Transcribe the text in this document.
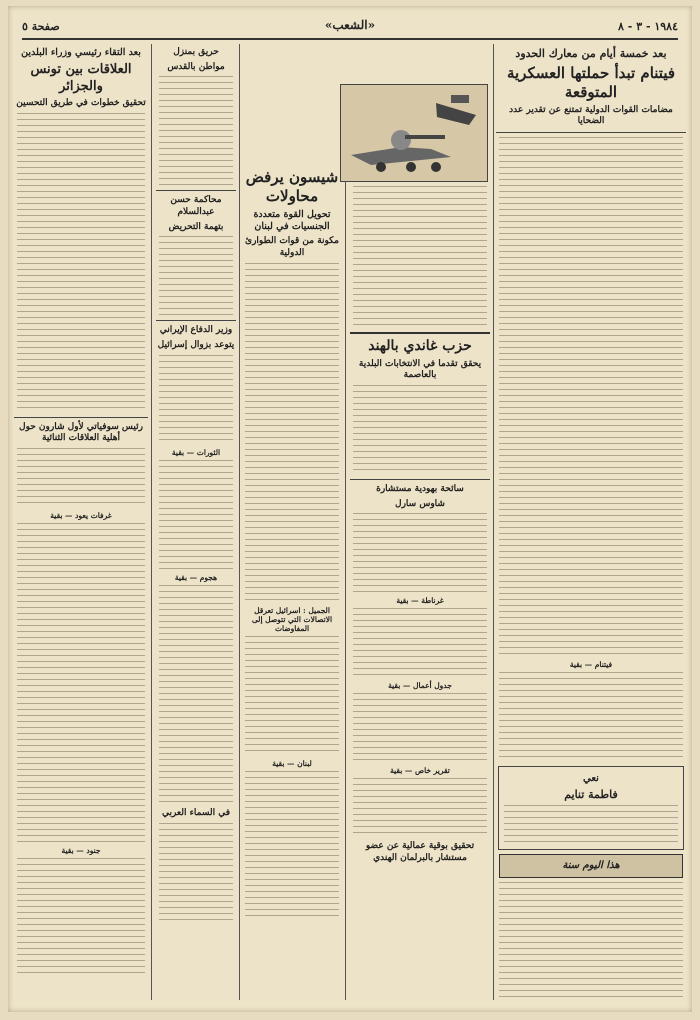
١٩٨٤ - ٣ - ٨
«الشعب»
صفحة ٥
بعد خمسة أيام من معارك الحدود
فيتنام تبدأ حملتها العسكرية المتوقعة
مضامات القوات الدولية تمتنع عن تقدير عدد الضحايا
فيتنام — بقية
نعي
فاطمة تنايم
هذا اليوم سنة
حزب غاندي بالهند
يحقق تقدما في الانتخابات البلدية بالعاصمة
سائحة بهودية مستشارة
شاوس سارل
غرناطة — بقية
جدول أعمال — بقية
تقرير خاص — بقية
تحقيق بوقية عمالية عن عضو مستشار بالبرلمان الهندي
شيسون يرفض محاولات
تحويل القوة متعددة الجنسيات في لبنان
مكونة من قوات الطوارئ الدولية
الجميل : اسرائيل تعرقل الاتصالات التي تتوصل إلى المفاوضات
لبنان — بقية
حريق بمنزل
مواطن بالقدس
محاكمة حسن عبدالسلام
بتهمة التحريض
وزير الدفاع الإيراني
يتوعد بزوال إسرائيل
الثورات — بقية
هجوم — بقية
في السماء العربي
بعد التقاء رئيسي وزراء البلدين
العلاقات بين تونس والجزائر
تحقيق خطوات في طريق التحسين
رئيس سوفياتي لأول شارون حول أهلية العلاقات الثنائية
غرفات يعود — بقية
جنود — بقية
